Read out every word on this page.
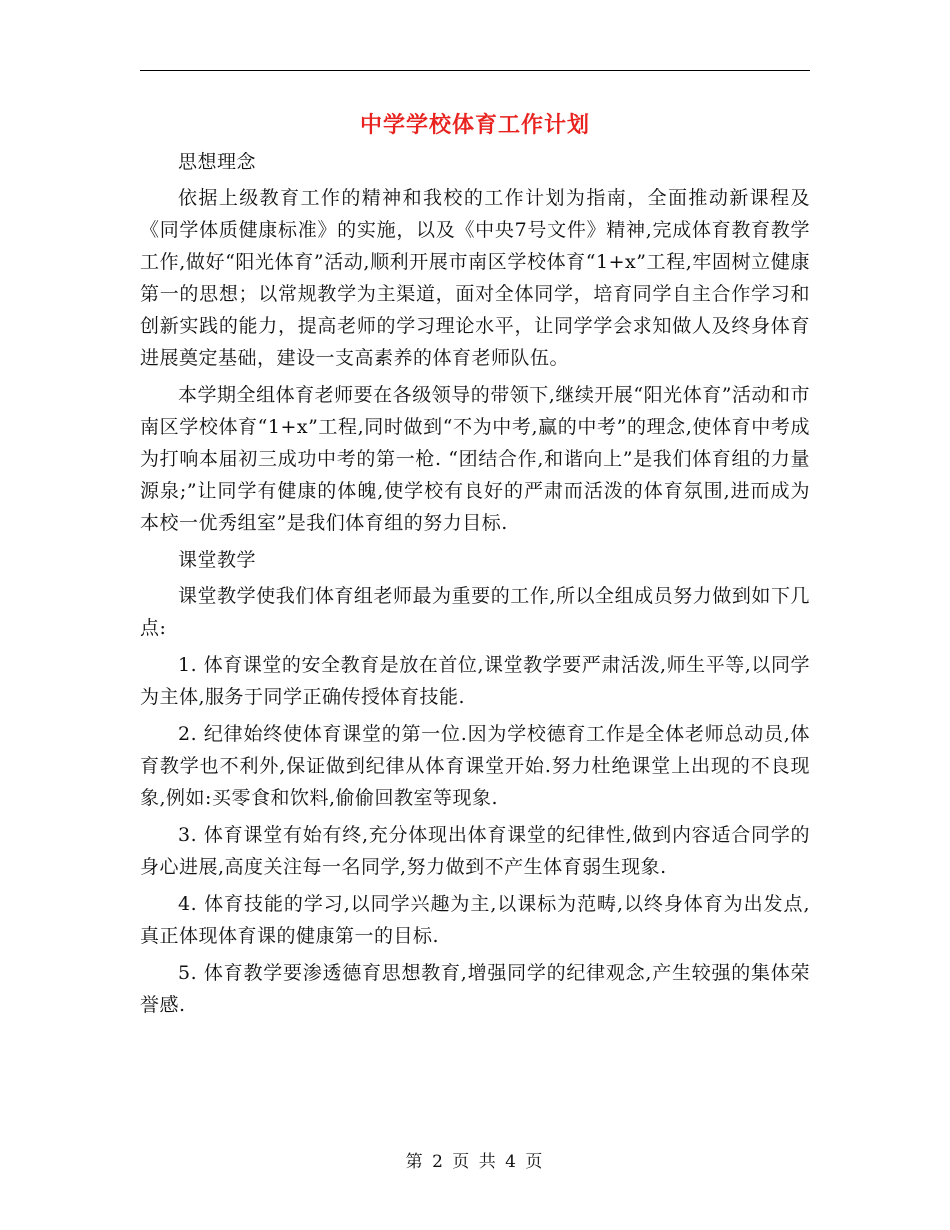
中学学校体育工作计划

思想理念

依据上级教育工作的精神和我校的工作计划为指南，全面推动新课程及《同学体质健康标准》的实施，以及《中央7号文件》精神,完成体育教育教学工作,做好“阳光体育”活动,顺利开展市南区学校体育“1+x”工程,牢固树立健康第一的思想；以常规教学为主渠道，面对全体同学，培育同学自主合作学习和创新实践的能力，提高老师的学习理论水平，让同学学会求知做人及终身体育进展奠定基础，建设一支高素养的体育老师队伍。

本学期全组体育老师要在各级领导的带领下,继续开展“阳光体育”活动和市南区学校体育“1+x”工程,同时做到“不为中考,赢的中考”的理念,使体育中考成为打响本届初三成功中考的第一枪. “团结合作,和谐向上”是我们体育组的力量源泉;”让同学有健康的体魄,使学校有良好的严肃而活泼的体育氛围,进而成为本校一优秀组室”是我们体育组的努力目标.

课堂教学

课堂教学使我们体育组老师最为重要的工作,所以全组成员努力做到如下几点:

1. 体育课堂的安全教育是放在首位,课堂教学要严肃活泼,师生平等,以同学为主体,服务于同学正确传授体育技能.

2. 纪律始终使体育课堂的第一位.因为学校德育工作是全体老师总动员,体育教学也不利外,保证做到纪律从体育课堂开始.努力杜绝课堂上出现的不良现象,例如:买零食和饮料,偷偷回教室等现象.

3. 体育课堂有始有终,充分体现出体育课堂的纪律性,做到内容适合同学的身心进展,高度关注每一名同学,努力做到不产生体育弱生现象.

4. 体育技能的学习,以同学兴趣为主,以课标为范畴,以终身体育为出发点,真正体现体育课的健康第一的目标.

5. 体育教学要渗透德育思想教育,增强同学的纪律观念,产生较强的集体荣誉感.

第 2 页 共 4 页
